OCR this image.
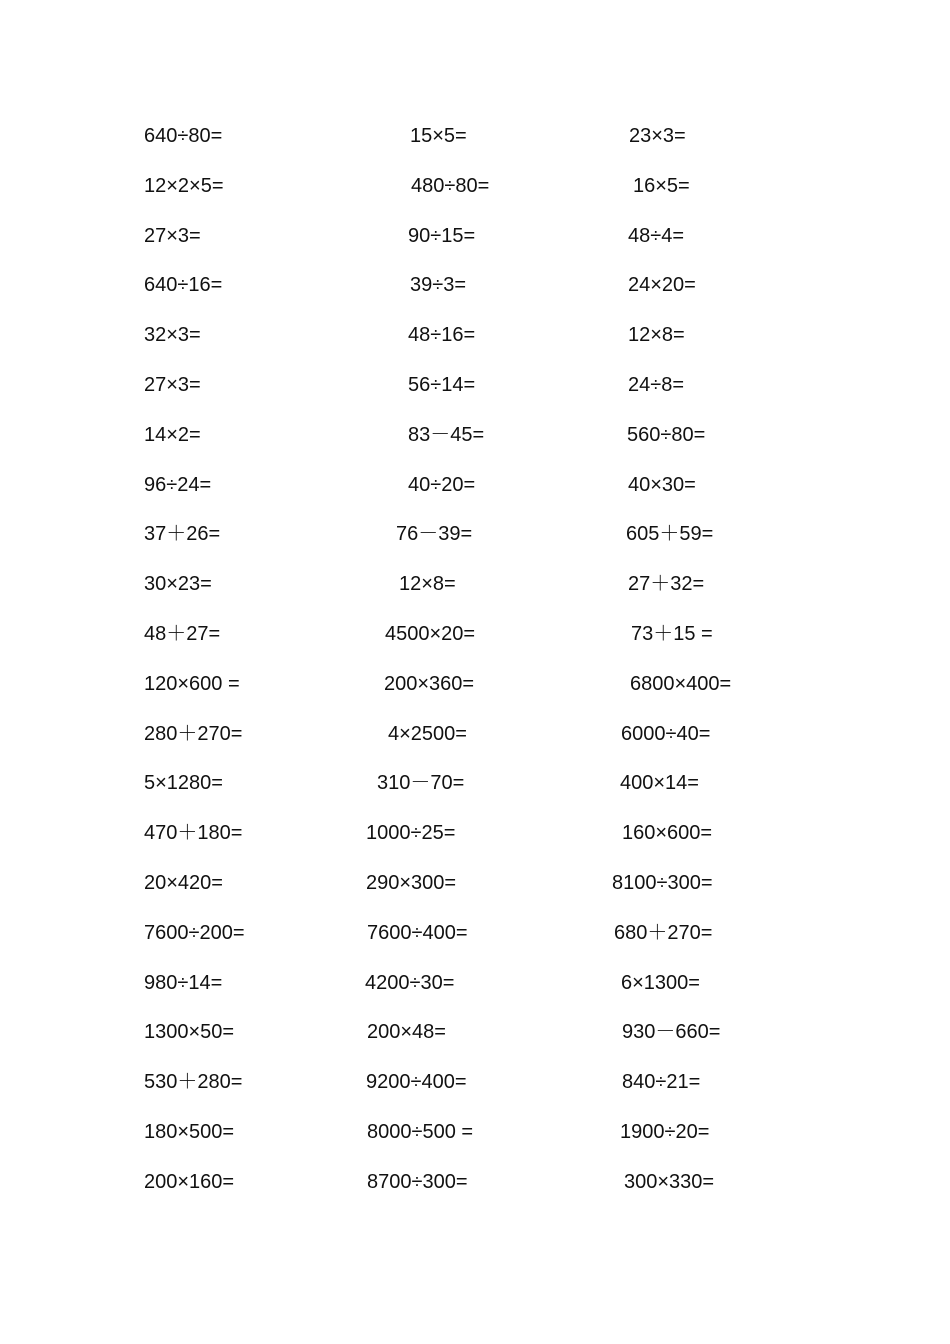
640÷80=	15×5=	23×3=
12×2×5=	480÷80=	16×5=
27×3=	90÷15=	48÷4=
640÷16=	39÷3=	24×20=
32×3=	48÷16=	12×8=
27×3=	56÷14=	24÷8=
14×2=	83－45=	560÷80=
96÷24=	40÷20=	40×30=
37＋26=	76－39=	605＋59=
30×23=	12×8=	27＋32=
48＋27=	4500×20=	73＋15 =
120×600 =	200×360=	6800×400=
280＋270=	4×2500=	6000÷40=
5×1280=	310－70=	400×14=
470＋180=	1000÷25=	160×600=
20×420=	290×300=	8100÷300=
7600÷200=	7600÷400=	680＋270=
980÷14=	4200÷30=	6×1300=
1300×50=	200×48=	930－660=
530＋280=	9200÷400=	840÷21=
180×500=	8000÷500 =	1900÷20=
200×160=	8700÷300=	300×330=
